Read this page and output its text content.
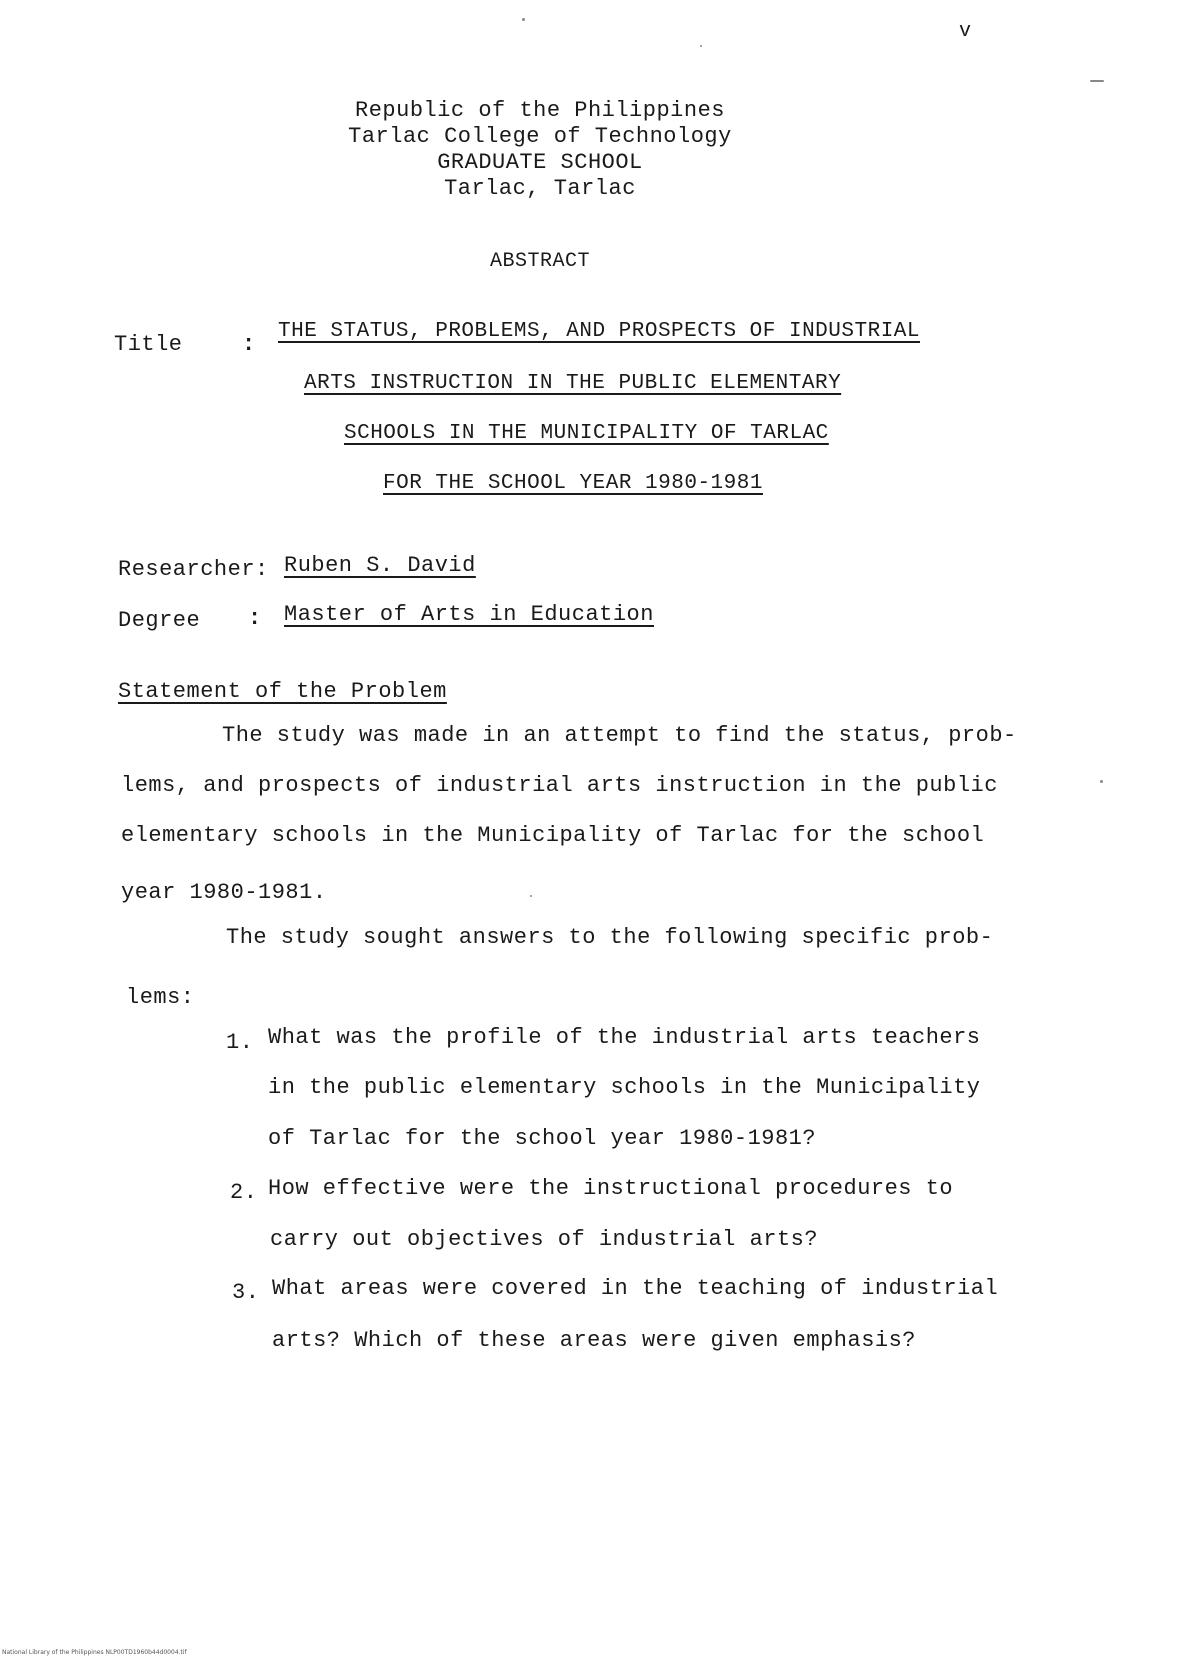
v
Republic of the Philippines
Tarlac College of Technology
GRADUATE SCHOOL
Tarlac, Tarlac
ABSTRACT
Title	:
THE STATUS, PROBLEMS, AND PROSPECTS OF INDUSTRIAL
ARTS INSTRUCTION IN THE PUBLIC ELEMENTARY
SCHOOLS IN THE MUNICIPALITY OF TARLAC
FOR THE SCHOOL YEAR 1980-1981
Researcher: Ruben S. David
Degree : Master of Arts in Education
Statement of the Problem
The study was made in an attempt to find the status, prob-
lems, and prospects of industrial arts instruction in the public
elementary schools in the Municipality of Tarlac for the school
year 1980-1981.
The study sought answers to the following specific prob-
lems:
1. What was the profile of the industrial arts teachers
in the public elementary schools in the Municipality
of Tarlac for the school year 1980-1981?
2. How effective were the instructional procedures to
carry out objectives of industrial arts?
3. What areas were covered in the teaching of industrial
arts? Which of these areas were given emphasis?
National Library of the Philippines NLP00TD1960b44d0004.tif
